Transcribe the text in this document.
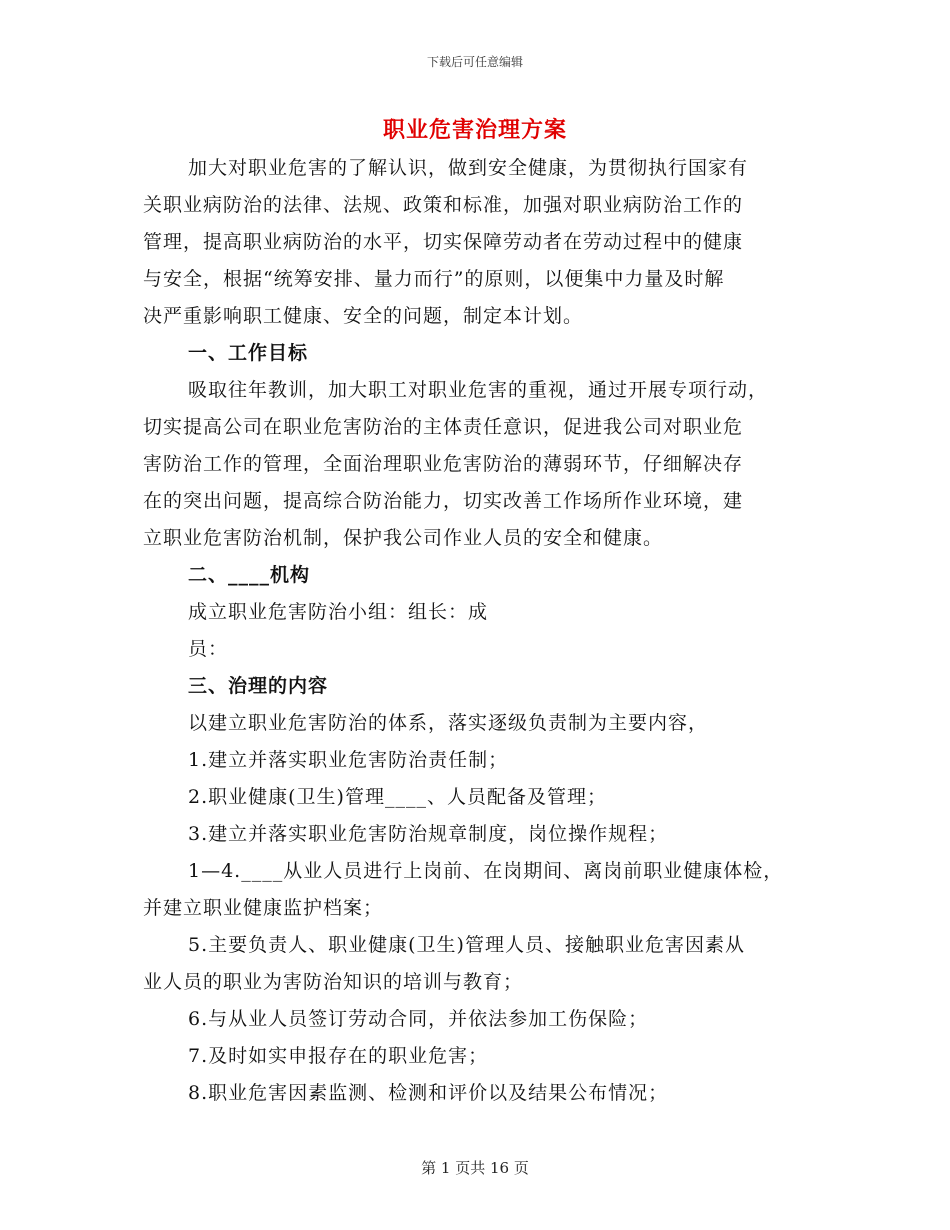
下载后可任意编辑
职业危害治理方案
加大对职业危害的了解认识，做到安全健康，为贯彻执行国家有
关职业病防治的法律、法规、政策和标准，加强对职业病防治工作的
管理，提高职业病防治的水平，切实保障劳动者在劳动过程中的健康
与安全，根据“统筹安排、量力而行”的原则，以便集中力量及时解
决严重影响职工健康、安全的问题，制定本计划。
一、工作目标
吸取往年教训，加大职工对职业危害的重视，通过开展专项行动，
切实提高公司在职业危害防治的主体责任意识，促进我公司对职业危
害防治工作的管理，全面治理职业危害防治的薄弱环节，仔细解决存
在的突出问题，提高综合防治能力，切实改善工作场所作业环境，建
立职业危害防治机制，保护我公司作业人员的安全和健康。
二、____机构
成立职业危害防治小组：组长：成
员：
三、治理的内容
以建立职业危害防治的体系，落实逐级负责制为主要内容，
1.建立并落实职业危害防治责任制；
2.职业健康(卫生)管理____、人员配备及管理；
3.建立并落实职业危害防治规章制度，岗位操作规程；
1—4.____从业人员进行上岗前、在岗期间、离岗前职业健康体检，
并建立职业健康监护档案；
5.主要负责人、职业健康(卫生)管理人员、接触职业危害因素从
业人员的职业为害防治知识的培训与教育；
6.与从业人员签订劳动合同，并依法参加工伤保险；
7.及时如实申报存在的职业危害；
8.职业危害因素监测、检测和评价以及结果公布情况；
第 1 页共 16 页
